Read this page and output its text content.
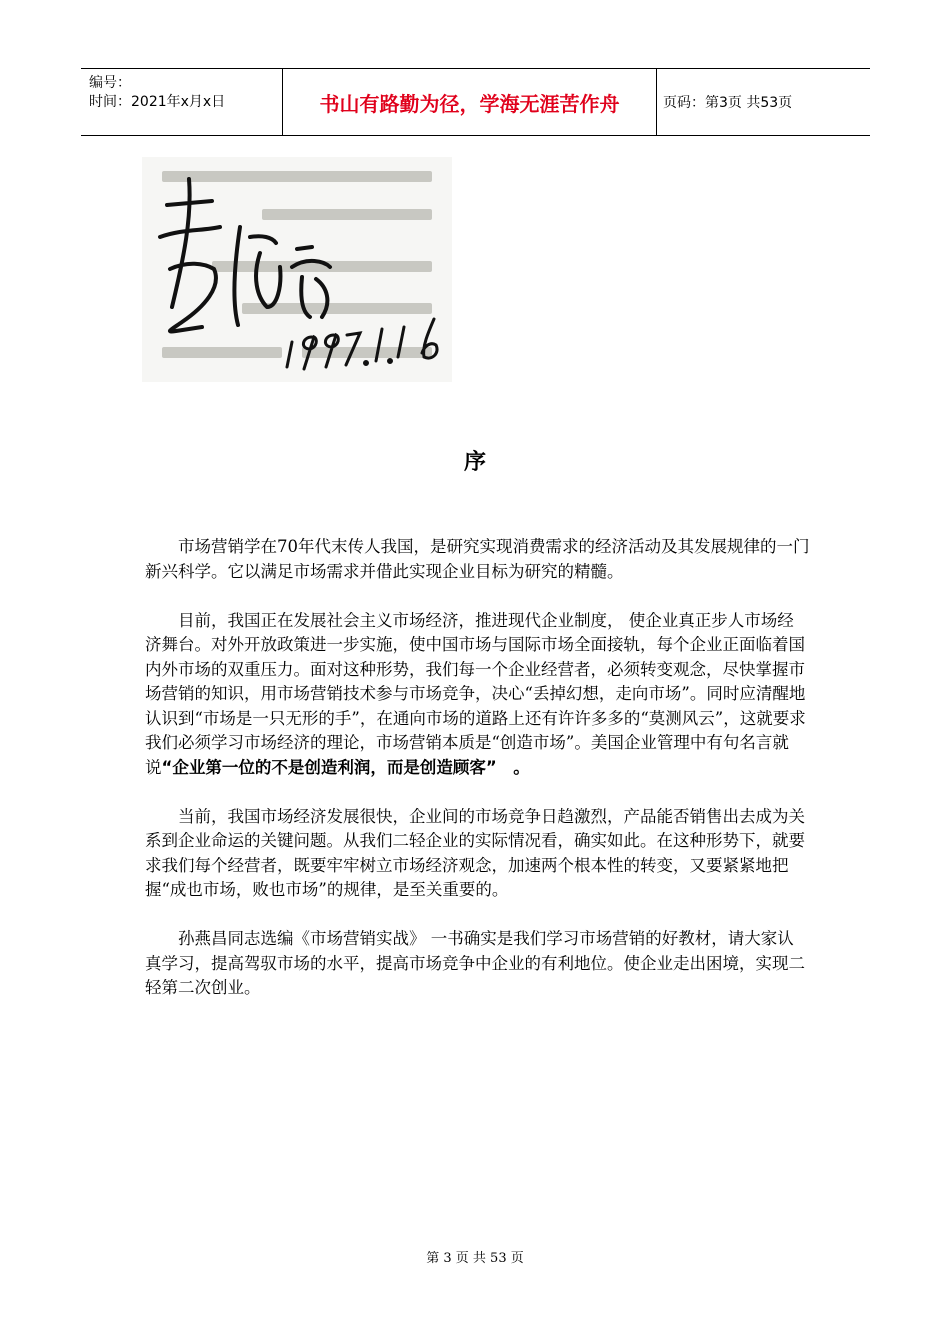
编号：
时间：2021年x月x日	书山有路勤为径，学海无涯苦作舟	页码：第3页 共53页
序

市场营销学在70年代末传人我国，是研究实现消费需求的经济活动及其发展规律的一门新兴科学。它以满足市场需求并借此实现企业目标为研究的精髓。

目前，我国正在发展社会主义市场经济，推进现代企业制度， 使企业真正步人市场经济舞台。对外开放政策进一步实施，使中国市场与国际市场全面接轨，每个企业正面临着国内外市场的双重压力。面对这种形势，我们每一个企业经营者，必须转变观念，尽快掌握市场营销的知识，用市场营销技术参与市场竞争，决心“丢掉幻想，走向市场”。同时应清醒地认识到“市场是一只无形的手”，在通向市场的道路上还有许许多多的“莫测风云”，这就要求我们必须学习市场经济的理论，市场营销本质是“创造市场”。美国企业管理中有句名言就说“企业第一位的不是创造利润，而是创造顾客”　。

当前，我国市场经济发展很快，企业间的市场竞争日趋激烈，产品能否销售出去成为关系到企业命运的关键问题。从我们二轻企业的实际情况看，确实如此。在这种形势下，就要求我们每个经营者，既要牢牢树立市场经济观念，加速两个根本性的转变，又要紧紧地把握“成也市场，败也市场”的规律，是至关重要的。

孙燕昌同志选编《市场营销实战》 一书确实是我们学习市场营销的好教材，请大家认真学习，提高驾驭市场的水平，提高市场竞争中企业的有利地位。使企业走出困境，实现二轻第二次创业。

第 3 页 共 53 页
